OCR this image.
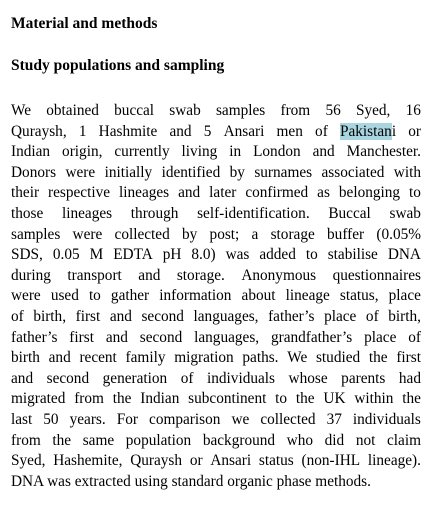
Material and methods
Study populations and sampling
We obtained buccal swab samples from 56 Syed, 16
Quraysh, 1 Hashmite and 5 Ansari men of Pakistani or
Indian origin, currently living in London and Manchester.
Donors were initially identified by surnames associated with
their respective lineages and later confirmed as belonging to
those lineages through self-identification. Buccal swab
samples were collected by post; a storage buffer (0.05%
SDS, 0.05 M EDTA pH 8.0) was added to stabilise DNA
during transport and storage. Anonymous questionnaires
were used to gather information about lineage status, place
of birth, first and second languages, father’s place of birth,
father’s first and second languages, grandfather’s place of
birth and recent family migration paths. We studied the first
and second generation of individuals whose parents had
migrated from the Indian subcontinent to the UK within the
last 50 years. For comparison we collected 37 individuals
from the same population background who did not claim
Syed, Hashemite, Quraysh or Ansari status (non-IHL lineage).
DNA was extracted using standard organic phase methods.
